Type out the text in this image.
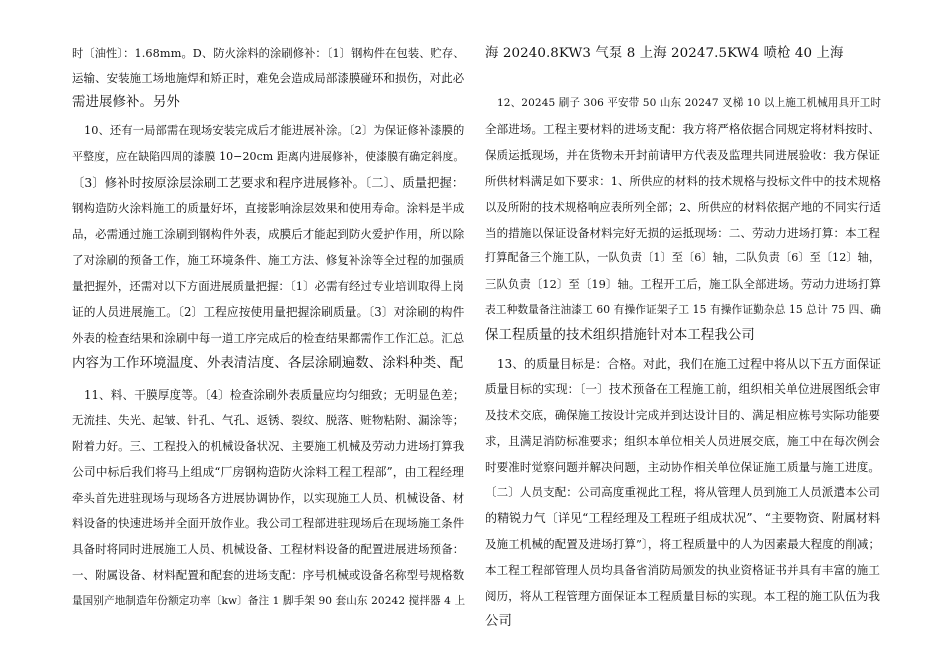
时〔油性〕：1.68mm。D、防火涂料的涂刷修补：〔1〕钢构件在包装、贮存、
运输、安装施工场地施焊和矫正时，难免会造成局部漆膜碰环和损伤，对此必
需进展修补。另外
10、还有一局部需在现场安装完成后才能进展补涂。〔2〕为保证修补漆膜的
平整度，应在缺陷四周的漆膜 10−20cm 距离内进展修补，使漆膜有确定斜度。
〔3〕修补时按原涂层涂刷工艺要求和程序进展修补。〔二〕、质量把握：
钢构造防火涂料施工的质量好坏，直接影响涂层效果和使用寿命。涂料是半成
品，必需通过施工涂刷到钢构件外表，成膜后才能起到防火爱护作用，所以除
了对涂刷的预备工作，施工环境条件、施工方法、修复补涂等全过程的加强质
量把握外，还需对以下方面进展质量把握：〔1〕必需有经过专业培训取得上岗
证的人员进展施工。〔2〕工程应按使用量把握涂刷质量。〔3〕对涂刷的构件
外表的检查结果和涂刷中每一道工序完成后的检查结果都需作工作汇总。汇总
内容为工作环境温度、外表清洁度、各层涂刷遍数、涂料种类、配
11、料、干膜厚度等。〔4〕检查涂刷外表质量应均匀细致；无明显色差；
无流挂、失光、起皱、针孔、气孔、返锈、裂纹、脱落、赃物粘附、漏涂等；
附着力好。三、工程投入的机械设备状况、主要施工机械及劳动力进场打算我
公司中标后我们将马上组成“厂房钢构造防火涂料工程工程部”，由工程经理
牵头首先进驻现场与现场各方进展协调协作，以实现施工人员、机械设备、材
料设备的快速进场并全面开放作业。我公司工程部进驻现场后在现场施工条件
具备时将同时进展施工人员、机械设备、工程材料设备的配置进展进场预备：
一、附属设备、材料配置和配套的进场支配：序号机械或设备名称型号规格数
量国别产地制造年份额定功率〔kw〕备注 1 脚手架 90 套山东 20242 搅拌器 4 上
海 20240.8KW3 气泵 8 上海 20247.5KW4 喷枪 40 上海
12、20245 刷子 306 平安带 50 山东 20247 叉梯 10 以上施工机械用具开工时
全部进场。工程主要材料的进场支配：我方将严格依据合同规定将材料按时、
保质运抵现场，并在货物未开封前请甲方代表及监理共同进展验收：我方保证
所供材料满足如下要求：1、所供应的材料的技术规格与投标文件中的技术规格
以及所附的技术规格响应表所列全部；2、所供应的材料依据产地的不同实行适
当的措施以保证设备材料完好无损的运抵现场：二、劳动力进场打算：本工程
打算配备三个施工队，一队负责〔1〕至〔6〕轴，二队负责〔6〕至〔12〕轴，
三队负责〔12〕至〔19〕轴。工程开工后，施工队全部进场。劳动力进场打算
表工种数量备注油漆工 60 有操作证架子工 15 有操作证勤杂总 15 总计 75 四、确
保工程质量的技术组织措施针对本工程我公司
13、的质量目标是：合格。对此，我们在施工过程中将从以下五方面保证
质量目标的实现：〔一〕技术预备在工程施工前，组织相关单位进展图纸会审
及技术交底，确保施工按设计完成并到达设计目的、满足相应栋号实际功能要
求，且满足消防标准要求；组织本单位相关人员进展交底，施工中在每次例会
时要准时觉察问题并解决问题，主动协作相关单位保证施工质量与施工进度。
〔二〕人员支配：公司高度重视此工程，将从管理人员到施工人员派遣本公司
的精锐力气〔详见“工程经理及工程班子组成状况”、“主要物资、附属材料
及施工机械的配置及进场打算”〕，将工程质量中的人为因素最大程度的削减；
本工程工程部管理人员均具备省消防局颁发的执业资格证书并具有丰富的施工
阅历，将从工程管理方面保证本工程质量目标的实现。本工程的施工队伍为我
公司
